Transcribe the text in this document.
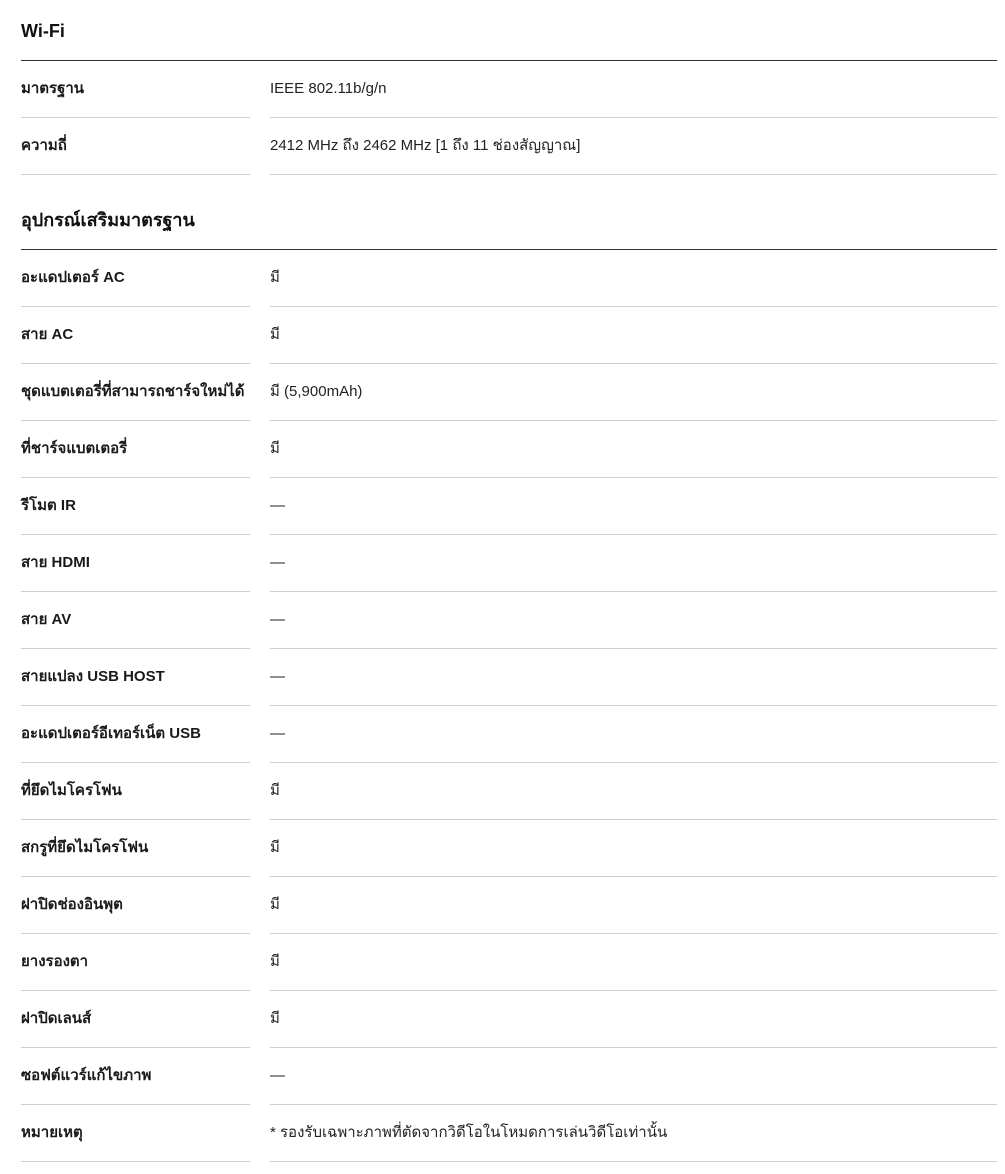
Wi-Fi
มาตรฐาน	IEEE 802.11b/g/n
ความถี่	2412 MHz ถึง 2462 MHz [1 ถึง 11 ช่องสัญญาณ]
อุปกรณ์เสริมมาตรฐาน
อะแดปเตอร์ AC	มี
สาย AC	มี
ชุดแบตเตอรี่ที่สามารถชาร์จใหม่ได้	มี (5,900mAh)
ที่ชาร์จแบตเตอรี่	มี
รีโมต IR	—
สาย HDMI	—
สาย AV	—
สายแปลง USB HOST	—
อะแดปเตอร์อีเทอร์เน็ต USB	—
ที่ยึดไมโครโฟน	มี
สกรูที่ยึดไมโครโฟน	มี
ฝาปิดช่องอินพุต	มี
ยางรองตา	มี
ฝาปิดเลนส์	มี
ซอฟต์แวร์แก้ไขภาพ	—
หมายเหตุ	* รองรับเฉพาะภาพที่ตัดจากวิดีโอในโหมดการเล่นวิดีโอเท่านั้น
